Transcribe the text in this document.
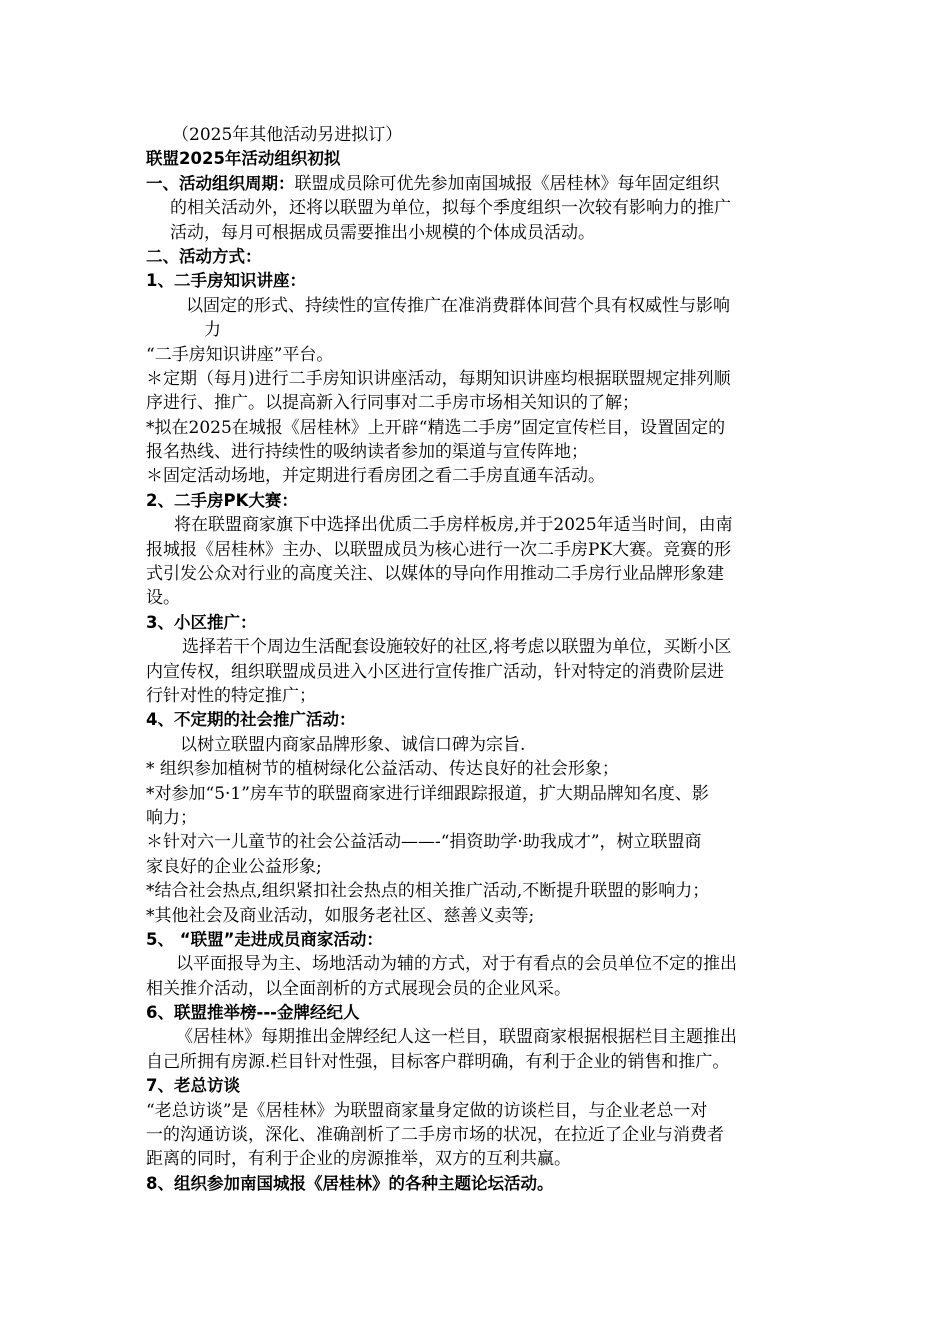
（2025年其他活动另进拟订）
联盟2025年活动组织初拟
一、活动组织周期：联盟成员除可优先参加南国城报《居桂林》每年固定组织
的相关活动外，还将以联盟为单位，拟每个季度组织一次较有影响力的推广
活动，每月可根据成员需要推出小规模的个体成员活动。
二、活动方式：
1、二手房知识讲座：
以固定的形式、持续性的宣传推广在准消费群体间营个具有权威性与影响
力
“二手房知识讲座”平台。
＊定期（每月)进行二手房知识讲座活动，每期知识讲座均根据联盟规定排列顺
序进行、推广。以提高新入行同事对二手房市场相关知识的了解；
*拟在2025在城报《居桂林》上开辟“精选二手房”固定宣传栏目，设置固定的
报名热线、进行持续性的吸纳读者参加的渠道与宣传阵地；
＊固定活动场地，并定期进行看房团之看二手房直通车活动。
2、二手房PK大赛：
将在联盟商家旗下中选择出优质二手房样板房,并于2025年适当时间，由南
报城报《居桂林》主办、以联盟成员为核心进行一次二手房PK大赛。竞赛的形
式引发公众对行业的高度关注、以媒体的导向作用推动二手房行业品牌形象建
设。
3、小区推广：
选择若干个周边生活配套设施较好的社区,将考虑以联盟为单位，买断小区
内宣传权，组织联盟成员进入小区进行宣传推广活动，针对特定的消费阶层进
行针对性的特定推广；
4、不定期的社会推广活动：
以树立联盟内商家品牌形象、诚信口碑为宗旨.
* 组织参加植树节的植树绿化公益活动、传达良好的社会形象；
*对参加“5·1”房车节的联盟商家进行详细跟踪报道，扩大期品牌知名度、影
响力；
＊针对六一儿童节的社会公益活动——-“捐资助学·助我成才”，树立联盟商
家良好的企业公益形象;
*结合社会热点,组织紧扣社会热点的相关推广活动,不断提升联盟的影响力；
*其他社会及商业活动，如服务老社区、慈善义卖等;
5、 “联盟”走进成员商家活动：
以平面报导为主、场地活动为辅的方式，对于有看点的会员单位不定的推出
相关推介活动，以全面剖析的方式展现会员的企业风采。
6、联盟推举榜---金牌经纪人
《居桂林》每期推出金牌经纪人这一栏目，联盟商家根据根据栏目主题推出
自己所拥有房源.栏目针对性强，目标客户群明确，有利于企业的销售和推广。
7、老总访谈
“老总访谈”是《居桂林》为联盟商家量身定做的访谈栏目，与企业老总一对
一的沟通访谈，深化、准确剖析了二手房市场的状况，在拉近了企业与消费者
距离的同时，有利于企业的房源推举，双方的互利共赢。
8、组织参加南国城报《居桂林》的各种主题论坛活动。
